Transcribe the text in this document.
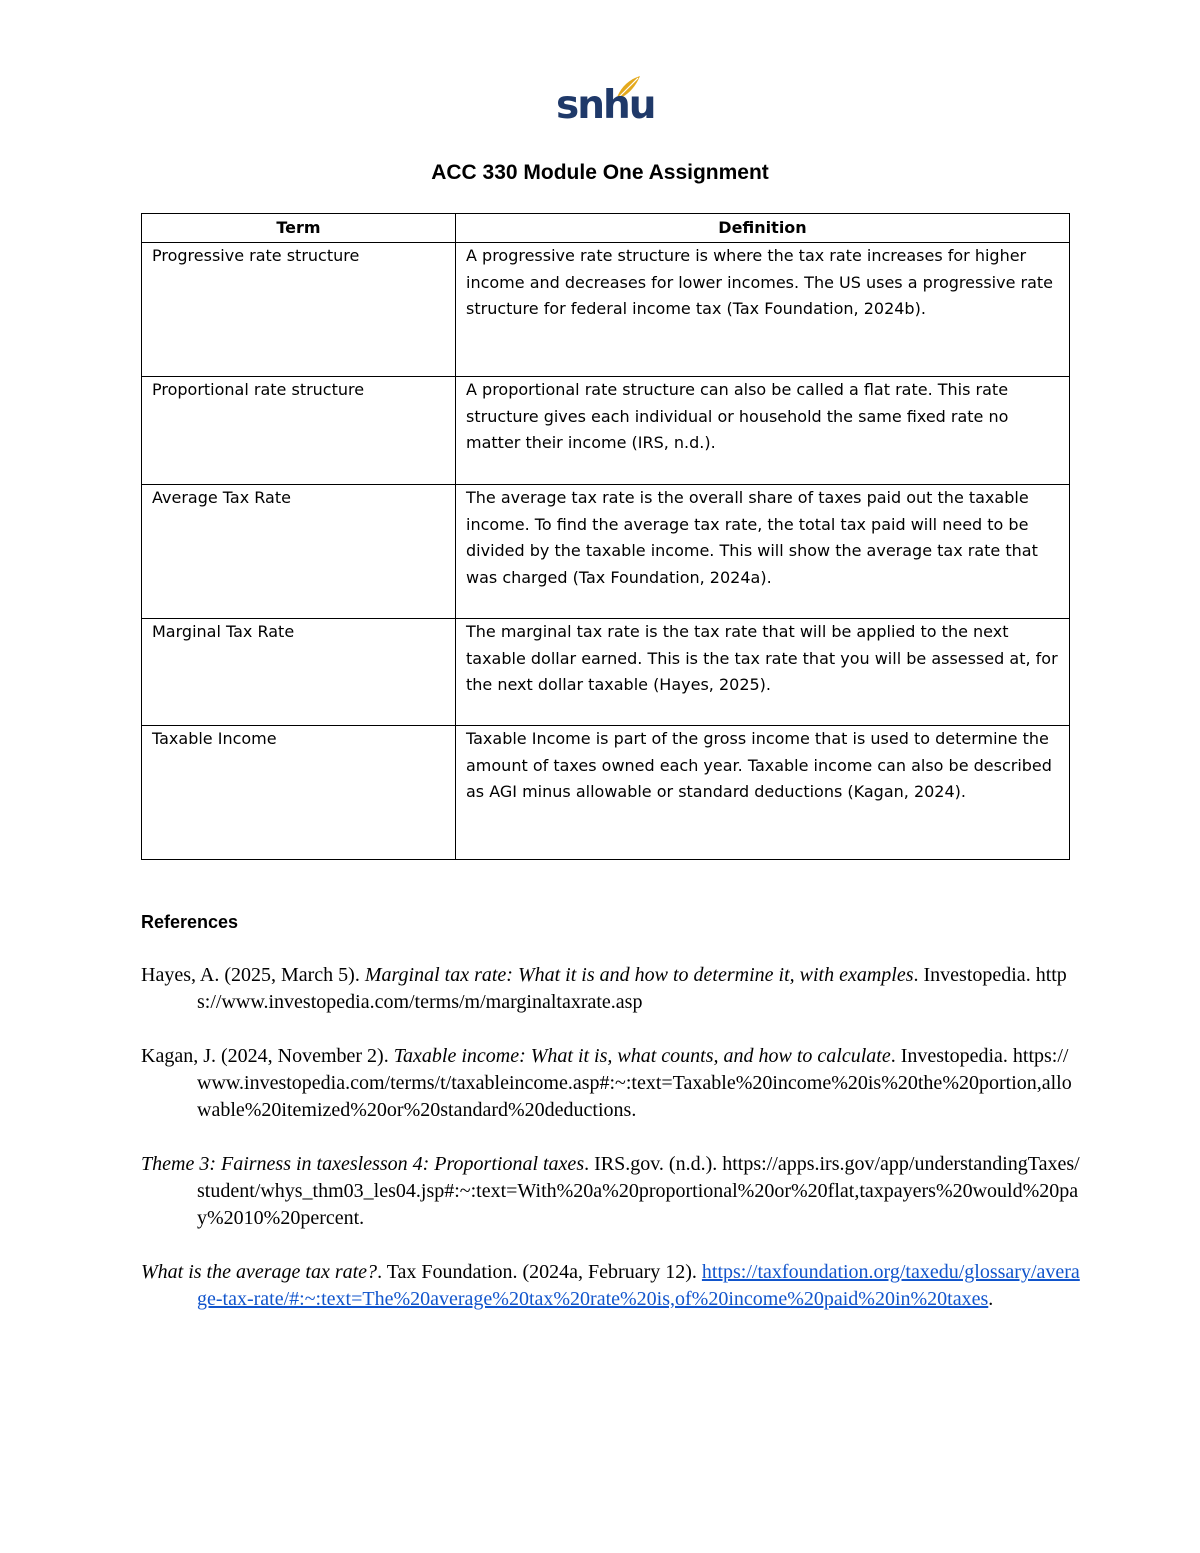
snhu
ACC 330 Module One Assignment
Term	Definition
Progressive rate structure	A progressive rate structure is where the tax rate increases for higher income and decreases for lower incomes. The US uses a progressive rate structure for federal income tax (Tax Foundation, 2024b).
Proportional rate structure	A proportional rate structure can also be called a flat rate. This rate structure gives each individual or household the same fixed rate no matter their income (IRS, n.d.).
Average Tax Rate	The average tax rate is the overall share of taxes paid out the taxable income. To find the average tax rate, the total tax paid will need to be divided by the taxable income. This will show the average tax rate that was charged (Tax Foundation, 2024a).
Marginal Tax Rate	The marginal tax rate is the tax rate that will be applied to the next taxable dollar earned. This is the tax rate that you will be assessed at, for the next dollar taxable (Hayes, 2025).
Taxable Income	Taxable Income is part of the gross income that is used to determine the amount of taxes owned each year. Taxable income can also be described as AGI minus allowable or standard deductions (Kagan, 2024).
References
Hayes, A. (2025, March 5). Marginal tax rate: What it is and how to determine it, with examples. Investopedia. https://www.investopedia.com/terms/m/marginaltaxrate.asp
Kagan, J. (2024, November 2). Taxable income: What it is, what counts, and how to calculate. Investopedia. https://www.investopedia.com/terms/t/taxableincome.asp#:~:text=Taxable%20income%20is%20the%20portion,allowable%20itemized%20or%20standard%20deductions.
Theme 3: Fairness in taxeslesson 4: Proportional taxes. IRS.gov. (n.d.). https://apps.irs.gov/app/understandingTaxes/student/whys_thm03_les04.jsp#:~:text=With%20a%20proportional%20or%20flat,taxpayers%20would%20pay%2010%20percent.
What is the average tax rate?. Tax Foundation. (2024a, February 12). https://taxfoundation.org/taxedu/glossary/average-tax-rate/#:~:text=The%20average%20tax%20rate%20is,of%20income%20paid%20in%20taxes.
